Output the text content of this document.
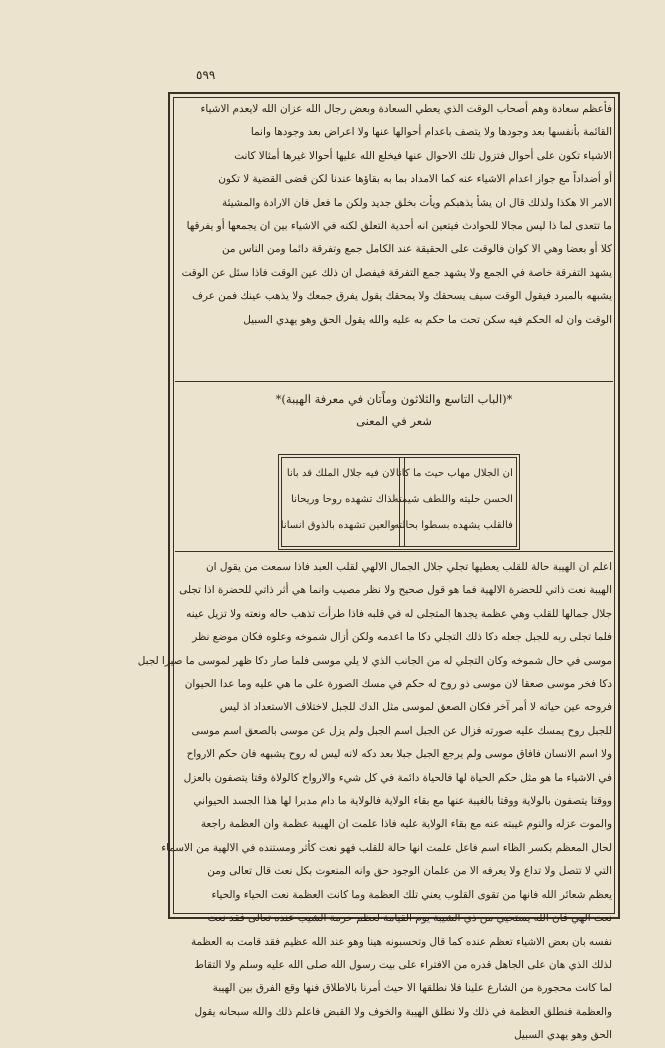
٥٩٩
فأعظم سعادة وهم أصحاب الوقت الذي يعطي السعادة وبعض رجال الله عزان الله لايعدم الاشياء
القائمة بأنفسها بعد وجودها ولا يتصف باعدام أحوالها عنها ولا اعراض بعد وجودها وانما
الاشياء تكون على أحوال فتزول تلك الاحوال عنها فيخلع الله عليها أحوالا غيرها أمثالا كانت
أو أضداداً مع جواز اعدام الاشياء عنه كما الامداد بما به بقاؤها عندنا لكن قضى القضية لا تكون
الامر الا هكذا ولذلك قال ان يشأ يذهبكم ويأت بخلق جديد ولكن ما فعل فان الارادة والمشيئة
ما تتعدى لما ذا ليس مجالا للحوادث فيتعين انه أحدية التعلق لكنه في الاشياء بين ان يجمعها أو يفرقها
كلا أو بعضا وهي الا كوان فالوقت على الحقيقة عند الكامل جمع وتفرقة دائما ومن الناس من
يشهد التفرقة خاصة في الجمع ولا يشهد جمع التفرقة فيفصل ان ذلك عين الوقت فاذا سئل عن الوقت
يشبهه بالمبرد فيقول الوقت سيف يسحقك ولا يمحقك يقول يفرق جمعك ولا يذهب عينك فمن عرف
الوقت وان له الحكم فيه سكن تحت ما حكم به عليه والله يقول الحق وهو يهدي السبيل
*(الباب التاسع والثلاثون وماًتان في معرفة الهيبة)*
شعر في المعنى
ان الجلال مهاب حيث ما كانا
الحسن حليته واللطف شيمته
فالقلب يشهده بسطوا بحالته
لان فيه جلال الملك قد بانا
لذاك تشهده روحا وريحانا
والعين تشهده بالذوق انسانا
اعلم ان الهيبة حالة للقلب يعطيها تجلي جلال الجمال الالهي لقلب العبد فاذا سمعت من يقول ان
الهيبة نعت ذاتي للحضرة الالهية فما هو قول صحيح ولا نظر مصيب وانما هي أثر ذاتي للحضرة اذا تجلى
جلال جمالها للقلب وهي عظمة يجدها المتجلى له في قلبه فاذا طرأت تذهب حاله ونعته ولا تزيل عينه
فلما تجلى ربه للجبل جعله دكا ذلك التجلي دكا ما اعدمه ولكن أزال شموخه وعلوه فكان موضع نظر
موسى في حال شموخه وكان التجلي له من الجانب الذي لا يلي موسى فلما صار دكا ظهر لموسى ما صيرا لجبل
دكا فخر موسى صعقا لان موسى ذو روح له حكم في مسك الصورة على ما هي عليه وما عدا الحيوان
فروحه عين حياته لا أمر آخر فكان الصعق لموسى مثل الدك للجبل لاختلاف الاستعداد اذ ليس
للجبل روح يمسك عليه صورته فزال عن الجبل اسم الجبل ولم يزل عن موسى بالصعق اسم موسى
ولا اسم الانسان فافاق موسى ولم يرجع الجبل جبلا بعد دكه لانه ليس له روح يشبهه فان حكم الارواح
في الاشياء ما هو مثل حكم الحياة لها فالحياة دائمة في كل شيء والارواح كالولاة وقتا يتصفون بالعزل
ووقتا يتصفون بالولاية ووقتا بالغيبة عنها مع بقاء الولاية فالولاية ما دام مدبرا لها هذا الجسد الحيواني
والموت عزله والنوم غيبته عنه مع بقاء الولاية عليه فاذا علمت ان الهيبة عظمة وان العظمة راجعة
لحال المعظم بكسر الظاء اسم فاعل علمت انها حالة للقلب فهو نعت كأثر ومستنده في الالهية من الاسماء
التي لا تتصل ولا تداع ولا يعرفه الا من علمان الوجود حق وانه المنعوت بكل نعت قال تعالى ومن
يعظم شعائر الله فانها من تقوى القلوب يعني تلك العظمة وما كانت العظمة نعت الحياء والحياء
نعت الهي فان الله يستحيي من ذي الشيبة يوم القيامة لعظم حرمة الشيب عنده تعالى فقد نعت
نفسه بان بعض الاشياء تعظم عنده كما قال وتحسبونه هينا وهو عند الله عظيم فقد قامت به العظمة
لذلك الذي هان على الجاهل قدره من الافتراء على بيت رسول الله صلى الله عليه وسلم ولا التقاط
لما كانت محجورة من الشارع علينا فلا نطلقها الا حيث أمرنا بالاطلاق فنها وقع الفرق بين الهيبة
والعظمة فنطلق العظمة في ذلك ولا نطلق الهيبة والخوف ولا القبض فاعلم ذلك والله سبحانه يقول
الحق وهو يهدي السبيل
